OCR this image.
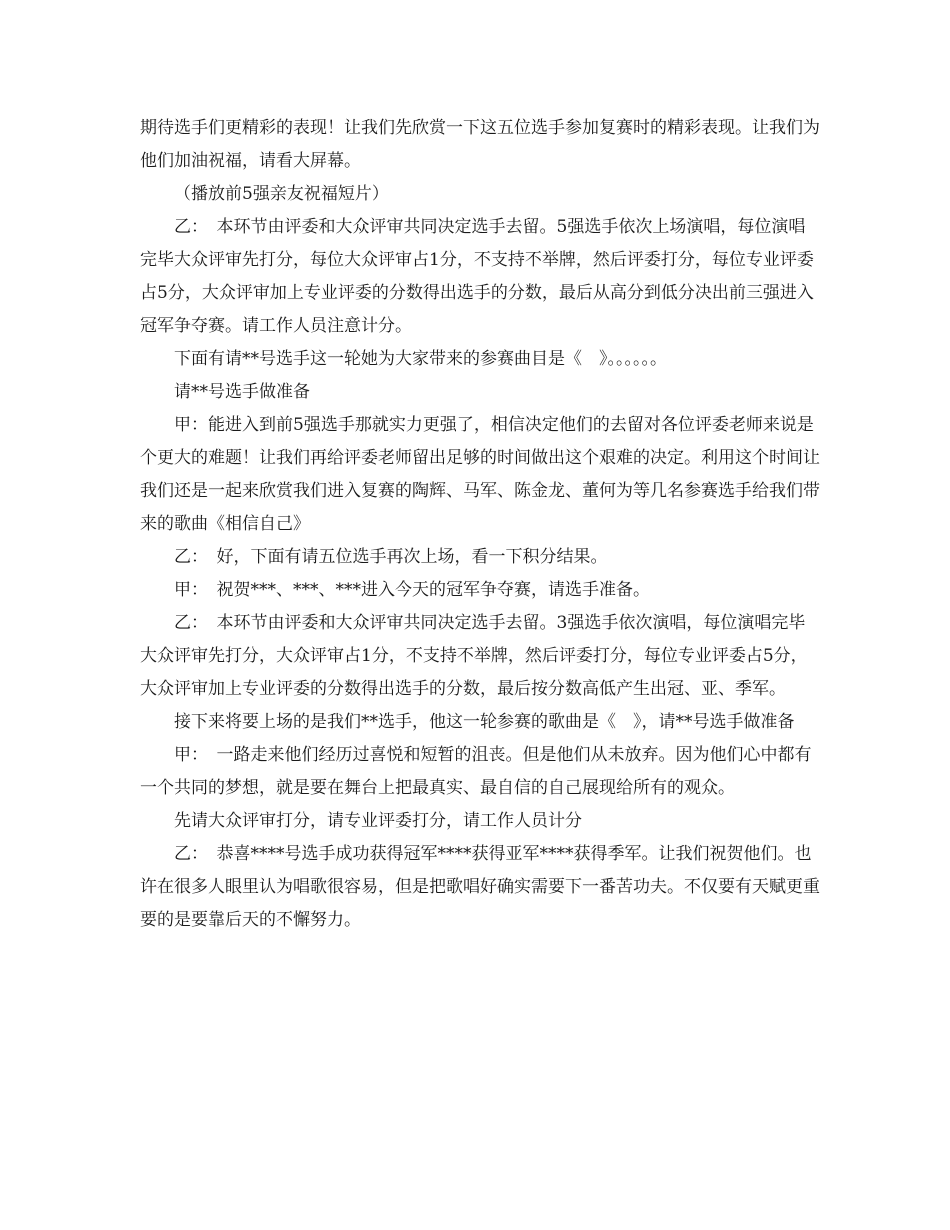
期待选手们更精彩的表现！让我们先欣赏一下这五位选手参加复赛时的精彩表现。让我们为他们加油祝福，请看大屏幕。

（播放前5强亲友祝福短片）

乙：　本环节由评委和大众评审共同决定选手去留。5强选手依次上场演唱，每位演唱完毕大众评审先打分，每位大众评审占1分，不支持不举牌，然后评委打分，每位专业评委占5分，大众评审加上专业评委的分数得出选手的分数，最后从高分到低分决出前三强进入冠军争夺赛。请工作人员注意计分。

下面有请**号选手这一轮她为大家带来的参赛曲目是《　》。。。。。。

请**号选手做准备

甲：能进入到前5强选手那就实力更强了，相信决定他们的去留对各位评委老师来说是个更大的难题！让我们再给评委老师留出足够的时间做出这个艰难的决定。利用这个时间让我们还是一起来欣赏我们进入复赛的陶辉、马军、陈金龙、董何为等几名参赛选手给我们带来的歌曲《相信自己》

乙：　好，下面有请五位选手再次上场，看一下积分结果。

甲：　祝贺***、***、***进入今天的冠军争夺赛，请选手准备。

乙：　本环节由评委和大众评审共同决定选手去留。3强选手依次演唱，每位演唱完毕大众评审先打分，大众评审占1分，不支持不举牌，然后评委打分，每位专业评委占5分，大众评审加上专业评委的分数得出选手的分数，最后按分数高低产生出冠、亚、季军。

接下来将要上场的是我们**选手，他这一轮参赛的歌曲是《　》，请**号选手做准备

甲：　一路走来他们经历过喜悦和短暂的沮丧。但是他们从未放弃。因为他们心中都有一个共同的梦想，就是要在舞台上把最真实、最自信的自己展现给所有的观众。

先请大众评审打分，请专业评委打分，请工作人员计分

乙：　恭喜****号选手成功获得冠军****获得亚军****获得季军。让我们祝贺他们。也许在很多人眼里认为唱歌很容易，但是把歌唱好确实需要下一番苦功夫。不仅要有天赋更重要的是要靠后天的不懈努力。
